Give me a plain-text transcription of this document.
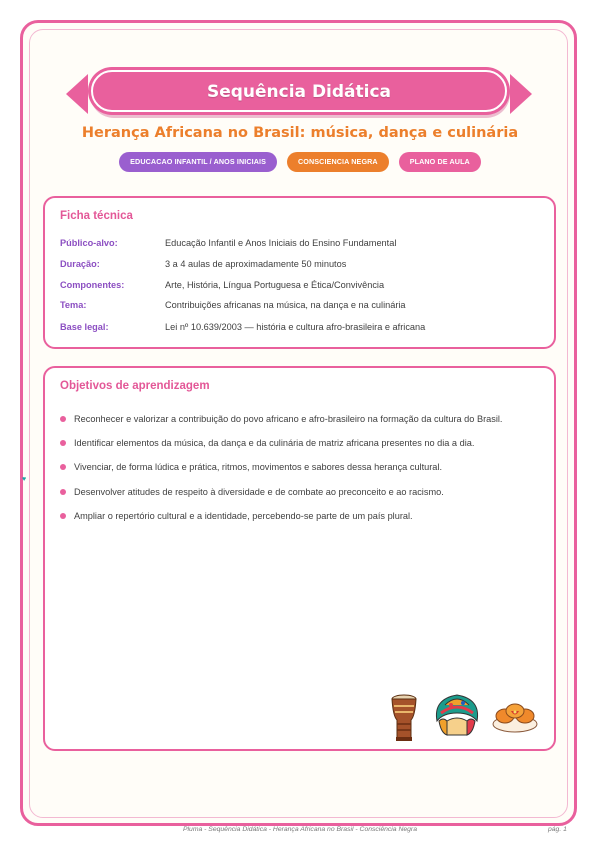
Sequência Didática
Herança Africana no Brasil: música, dança e culinária
EDUCACAO INFANTIL / ANOS INICIAIS	CONSCIENCIA NEGRA	PLANO DE AULA
Ficha técnica
Público-alvo:	Educação Infantil e Anos Iniciais do Ensino Fundamental
Duração:	3 a 4 aulas de aproximadamente 50 minutos
Componentes:	Arte, História, Língua Portuguesa e Ética/Convivência
Tema:	Contribuições africanas na música, na dança e na culinária
Base legal:	Lei nº 10.639/2003 — história e cultura afro-brasileira e africana
Objetivos de aprendizagem
Reconhecer e valorizar a contribuição do povo africano e afro-brasileiro na formação da cultura do Brasil.
Identificar elementos da música, da dança e da culinária de matriz africana presentes no dia a dia.
Vivenciar, de forma lúdica e prática, ritmos, movimentos e sabores dessa herança cultural.
Desenvolver atitudes de respeito à diversidade e de combate ao preconceito e ao racismo.
Ampliar o repertório cultural e a identidade, percebendo-se parte de um país plural.
♥
Pluma - Sequência Didática - Herança Africana no Brasil - Consciência Negra	pág. 1
